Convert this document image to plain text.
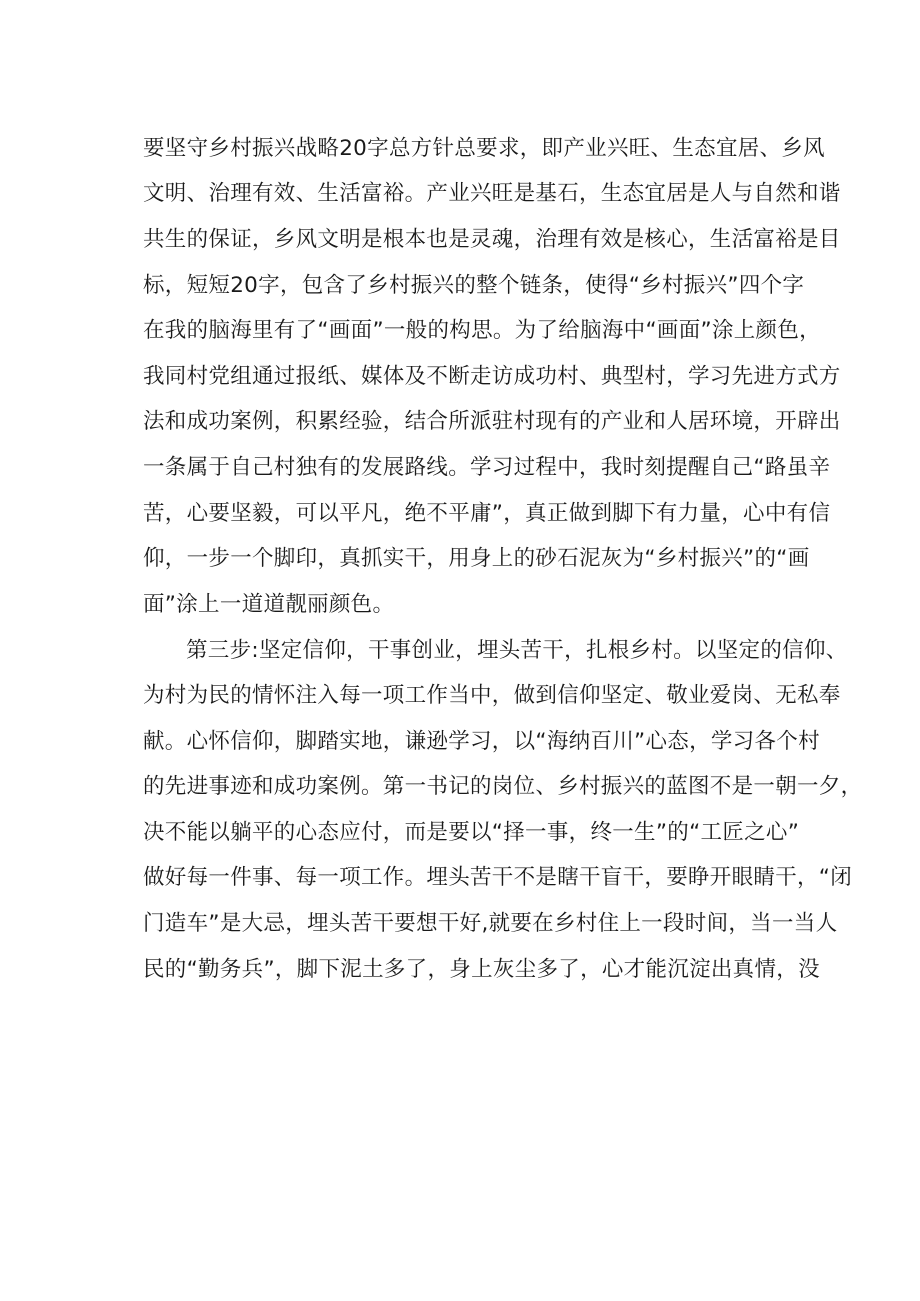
要坚守乡村振兴战略20字总方针总要求，即产业兴旺、生态宜居、乡风
文明、治理有效、生活富裕。产业兴旺是基石，生态宜居是人与自然和谐
共生的保证，乡风文明是根本也是灵魂，治理有效是核心，生活富裕是目
标，短短20字，包含了乡村振兴的整个链条，使得“乡村振兴”四个字
在我的脑海里有了“画面”一般的构思。为了给脑海中“画面”涂上颜色，
我同村党组通过报纸、媒体及不断走访成功村、典型村，学习先进方式方
法和成功案例，积累经验，结合所派驻村现有的产业和人居环境，开辟出
一条属于自己村独有的发展路线。学习过程中，我时刻提醒自己“路虽辛
苦，心要坚毅，可以平凡，绝不平庸”，真正做到脚下有力量，心中有信
仰，一步一个脚印，真抓实干，用身上的砂石泥灰为“乡村振兴”的“画
面”涂上一道道靓丽颜色。
第三步:坚定信仰，干事创业，埋头苦干，扎根乡村。以坚定的信仰、
为村为民的情怀注入每一项工作当中，做到信仰坚定、敬业爱岗、无私奉
献。心怀信仰，脚踏实地，谦逊学习，以“海纳百川”心态，学习各个村
的先进事迹和成功案例。第一书记的岗位、乡村振兴的蓝图不是一朝一夕，
决不能以躺平的心态应付，而是要以“择一事，终一生”的“工匠之心”
做好每一件事、每一项工作。埋头苦干不是瞎干盲干，要睁开眼睛干，“闭
门造车”是大忌，埋头苦干要想干好,就要在乡村住上一段时间，当一当人
民的“勤务兵”，脚下泥土多了，身上灰尘多了，心才能沉淀出真情，没
